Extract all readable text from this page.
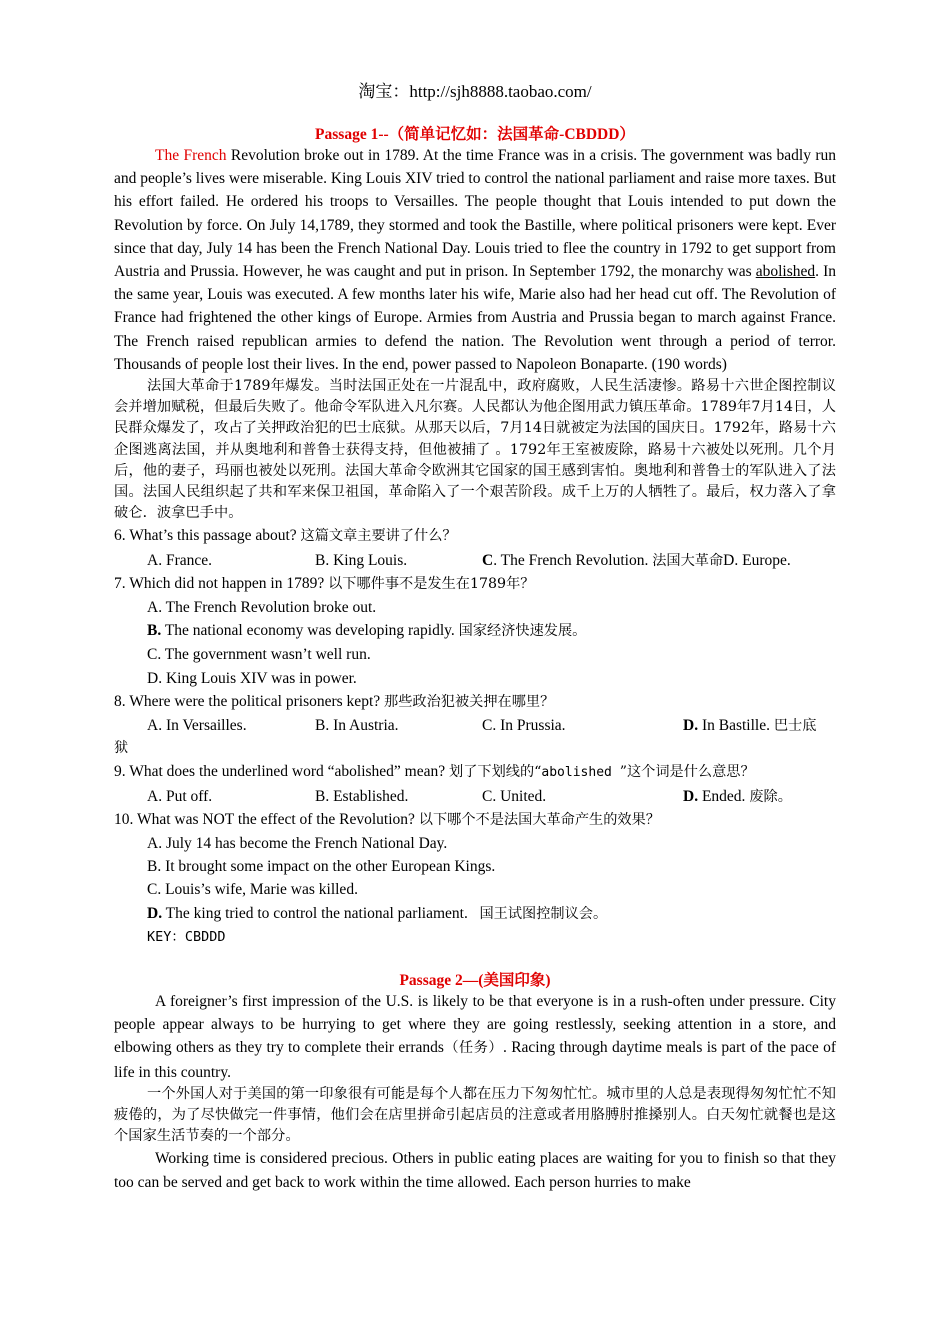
淘宝：http://sjh8888.taobao.com/
Passage 1--（简单记忆如：法国革命-CBDDD）

The French Revolution broke out in 1789. At the time France was in a crisis. The government was badly run and people’s lives were miserable. King Louis XIV tried to control the national parliament and raise more taxes. But his effort failed. He ordered his troops to Versailles. The people thought that Louis intended to put down the Revolution by force. On July 14,1789, they stormed and took the Bastille, where political prisoners were kept. Ever since that day, July 14 has been the French National Day. Louis tried to flee the country in 1792 to get support from Austria and Prussia. However, he was caught and put in prison. In September 1792, the monarchy was abolished. In the same year, Louis was executed. A few months later his wife, Marie also had her head cut off. The Revolution of France had frightened the other kings of Europe. Armies from Austria and Prussia began to march against France. The French raised republican armies to defend the nation. The Revolution went through a period of terror. Thousands of people lost their lives. In the end, power passed to Napoleon Bonaparte. (190 words)

法国大革命于1789年爆发。当时法国正处在一片混乱中，政府腐败，人民生活凄惨。路易十六世企图控制议会并增加赋税，但最后失败了。他命令军队进入凡尔赛。人民都认为他企图用武力镇压革命。1789年7月14日，人民群众爆发了，攻占了关押政治犯的巴士底狱。从那天以后，7月14日就被定为法国的国庆日。1792年，路易十六企图逃离法国，并从奥地利和普鲁士获得支持，但他被捕了 。1792年王室被废除，路易十六被处以死刑。几个月后，他的妻子，玛丽也被处以死刑。法国大革命令欧洲其它国家的国王感到害怕。奥地利和普鲁士的军队进入了法国。法国人民组织起了共和军来保卫祖国，革命陷入了一个艰苦阶段。成千上万的人牺牲了。最后，权力落入了拿破仑．波拿巴手中。

6. What’s this passage about? 这篇文章主要讲了什么？

A. France.	B. King Louis.	C. The French Revolution. 法国大革命D. Europe.

7. Which did not happen in 1789? 以下哪件事不是发生在1789年？

A. The French Revolution broke out.

B. The national economy was developing rapidly. 国家经济快速发展。

C. The government wasn’t well run.

D. King Louis XIV was in power.

8. Where were the political prisoners kept? 那些政治犯被关押在哪里？

A. In Versailles.	B. In Austria.	C. In Prussia.	D. In Bastille. 巴士底

狱

9. What does the underlined word “abolished” mean? 划了下划线的“abolished ”这个词是什么意思？

A. Put off.	B. Established.	C. United.	D. Ended. 废除。

10. What was NOT the effect of the Revolution? 以下哪个不是法国大革命产生的效果？

A. July 14 has become the French National Day.

B. It brought some impact on the other European Kings.

C. Louis’s wife, Marie was killed.

D. The king tried to control the national parliament.   国王试图控制议会。

KEY：CBDDD

Passage 2—(美国印象)

A foreigner’s first impression of the U.S. is likely to be that everyone is in a rush-often under pressure. City people appear always to be hurrying to get where they are going restlessly, seeking attention in a store, and elbowing others as they try to complete their errands（任务）. Racing through daytime meals is part of the pace of life in this country.

一个外国人对于美国的第一印象很有可能是每个人都在压力下匆匆忙忙。城市里的人总是表现得匆匆忙忙不知疲倦的，为了尽快做完一件事情，他们会在店里拼命引起店员的注意或者用胳膊肘推搡别人。白天匆忙就餐也是这个国家生活节奏的一个部分。

Working time is considered precious. Others in public eating places are waiting for you to finish so that they too can be served and get back to work within the time allowed. Each person hurries to make
